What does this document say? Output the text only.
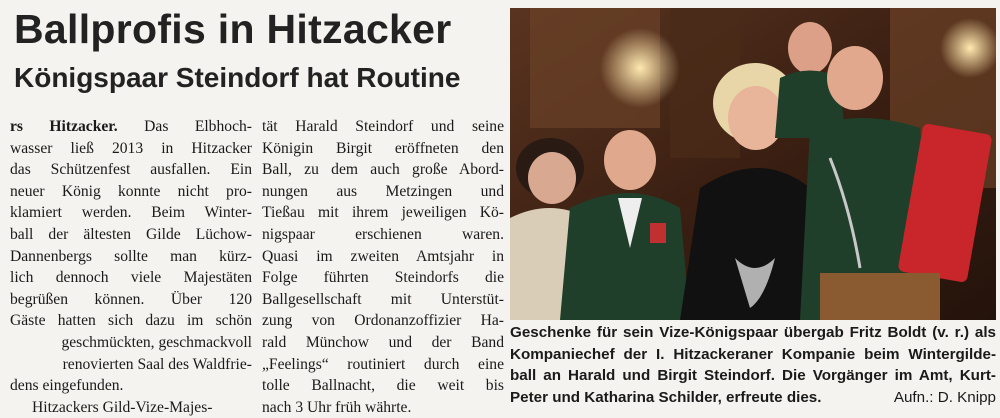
Ballprofis in Hitzacker
Königspaar Steindorf hat Routine
rs Hitzacker. Das Elbhoch-
wasser ließ 2013 in Hitzacker
das Schützenfest ausfallen. Ein
neuer König konnte nicht pro-
klamiert werden. Beim Winter-
ball der ältesten Gilde Lüchow-
Dannenbergs sollte man kürz-
lich dennoch viele Majestäten
begrüßen können. Über 120
Gäste hatten sich dazu im schön
geschmückten, geschmackvoll
renovierten Saal des Waldfrie-
dens eingefunden.
Hitzackers Gild-Vize-Majes-
tät Harald Steindorf und seine
Königin Birgit eröffneten den
Ball, zu dem auch große Abord-
nungen aus Metzingen und
Tießau mit ihrem jeweiligen Kö-
nigspaar erschienen waren.
Quasi im zweiten Amtsjahr in
Folge führten Steindorfs die
Ballgesellschaft mit Unterstüt-
zung von Ordonanzoffizier Ha-
rald Münchow und der Band
„Feelings“ routiniert durch eine
tolle Ballnacht, die weit bis
nach 3 Uhr früh währte.
Geschenke für sein Vize-Königspaar übergab Fritz Boldt (v. r.) als
Kompaniechef der I. Hitzackeraner Kompanie beim Wintergilde-
ball an Harald und Birgit Steindorf. Die Vorgänger im Amt, Kurt-
Peter und Katharina Schilder, erfreute dies.	Aufn.: D. Knipp
